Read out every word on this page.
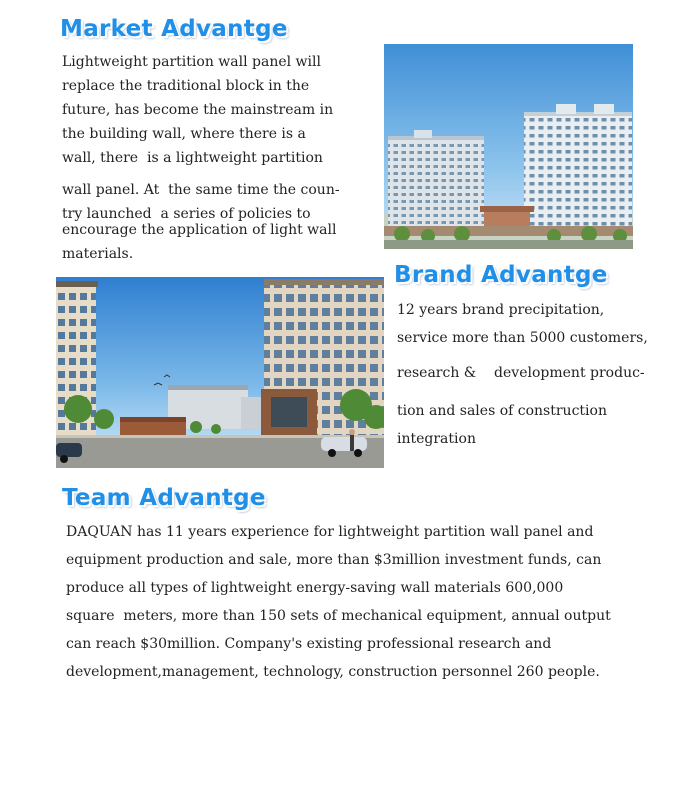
Market Advantge

Lightweight partition wall panel will

replace the traditional block in the

future, has become the mainstream in

the building wall, where there is a

wall, there  is a lightweight partition

wall panel. At  the same time the coun-

try launched  a series of policies to

encourage the application of light wall

materials.

Brand Advantge

12 years brand precipitation,

service more than 5000 customers,

research &    development produc-

tion and sales of construction

integration

Team Advantge

DAQUAN has 11 years experience for lightweight partition wall panel and

equipment production and sale, more than $3million investment funds, can

produce all types of lightweight energy-saving wall materials 600,000

square  meters, more than 150 sets of mechanical equipment, annual output

can reach $30million. Company's existing professional research and

development,management, technology, construction personnel 260 people.
